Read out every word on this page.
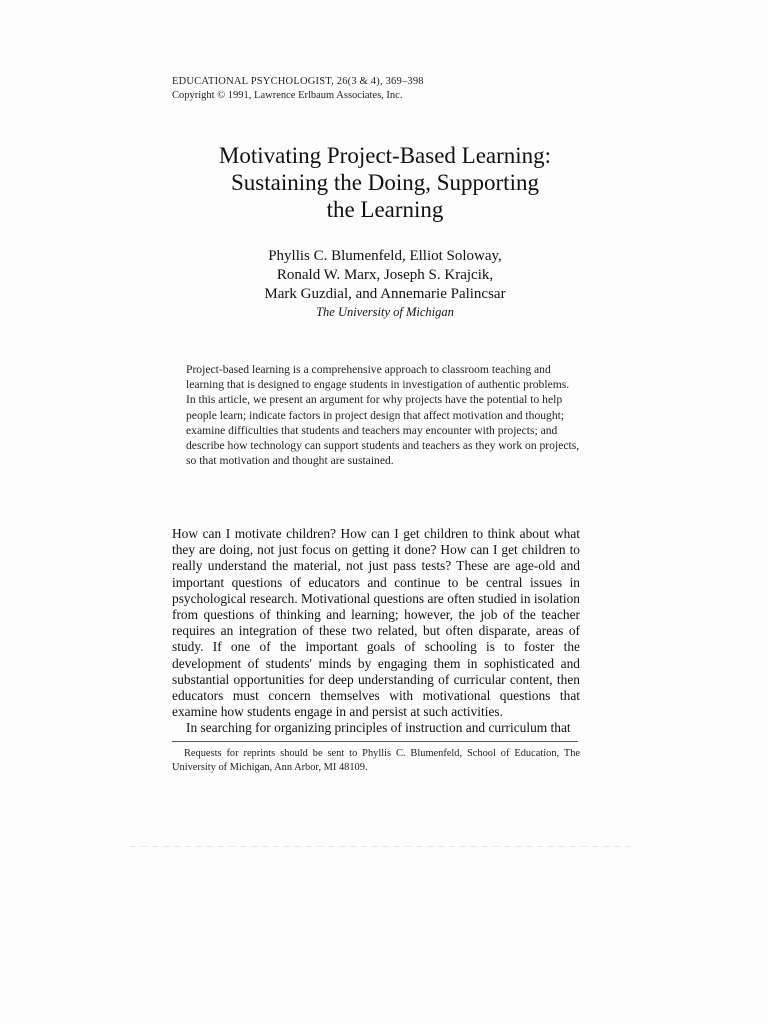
EDUCATIONAL PSYCHOLOGIST, 26(3 & 4), 369–398
Copyright © 1991, Lawrence Erlbaum Associates, Inc.
Motivating Project-Based Learning:
Sustaining the Doing, Supporting
the Learning
Phyllis C. Blumenfeld, Elliot Soloway,
Ronald W. Marx, Joseph S. Krajcik,
Mark Guzdial, and Annemarie Palincsar
The University of Michigan
Project-based learning is a comprehensive approach to classroom teaching and learning that is designed to engage students in investigation of authentic problems. In this article, we present an argument for why projects have the potential to help people learn; indicate factors in project design that affect motivation and thought; examine difficulties that students and teachers may encounter with projects; and describe how technology can support students and teachers as they work on projects, so that motivation and thought are sustained.

How can I motivate children? How can I get children to think about what they are doing, not just focus on getting it done? How can I get children to really understand the material, not just pass tests? These are age-old and important questions of educators and continue to be central issues in psychological research. Motivational questions are often studied in isolation from questions of thinking and learning; however, the job of the teacher requires an integration of these two related, but often disparate, areas of study. If one of the important goals of schooling is to foster the development of students' minds by engaging them in sophisticated and substantial opportunities for deep understanding of curricular content, then educators must concern themselves with motivational questions that examine how students engage in and persist at such activities.

In searching for organizing principles of instruction and curriculum that

Requests for reprints should be sent to Phyllis C. Blumenfeld, School of Education, The University of Michigan, Ann Arbor, MI 48109.
